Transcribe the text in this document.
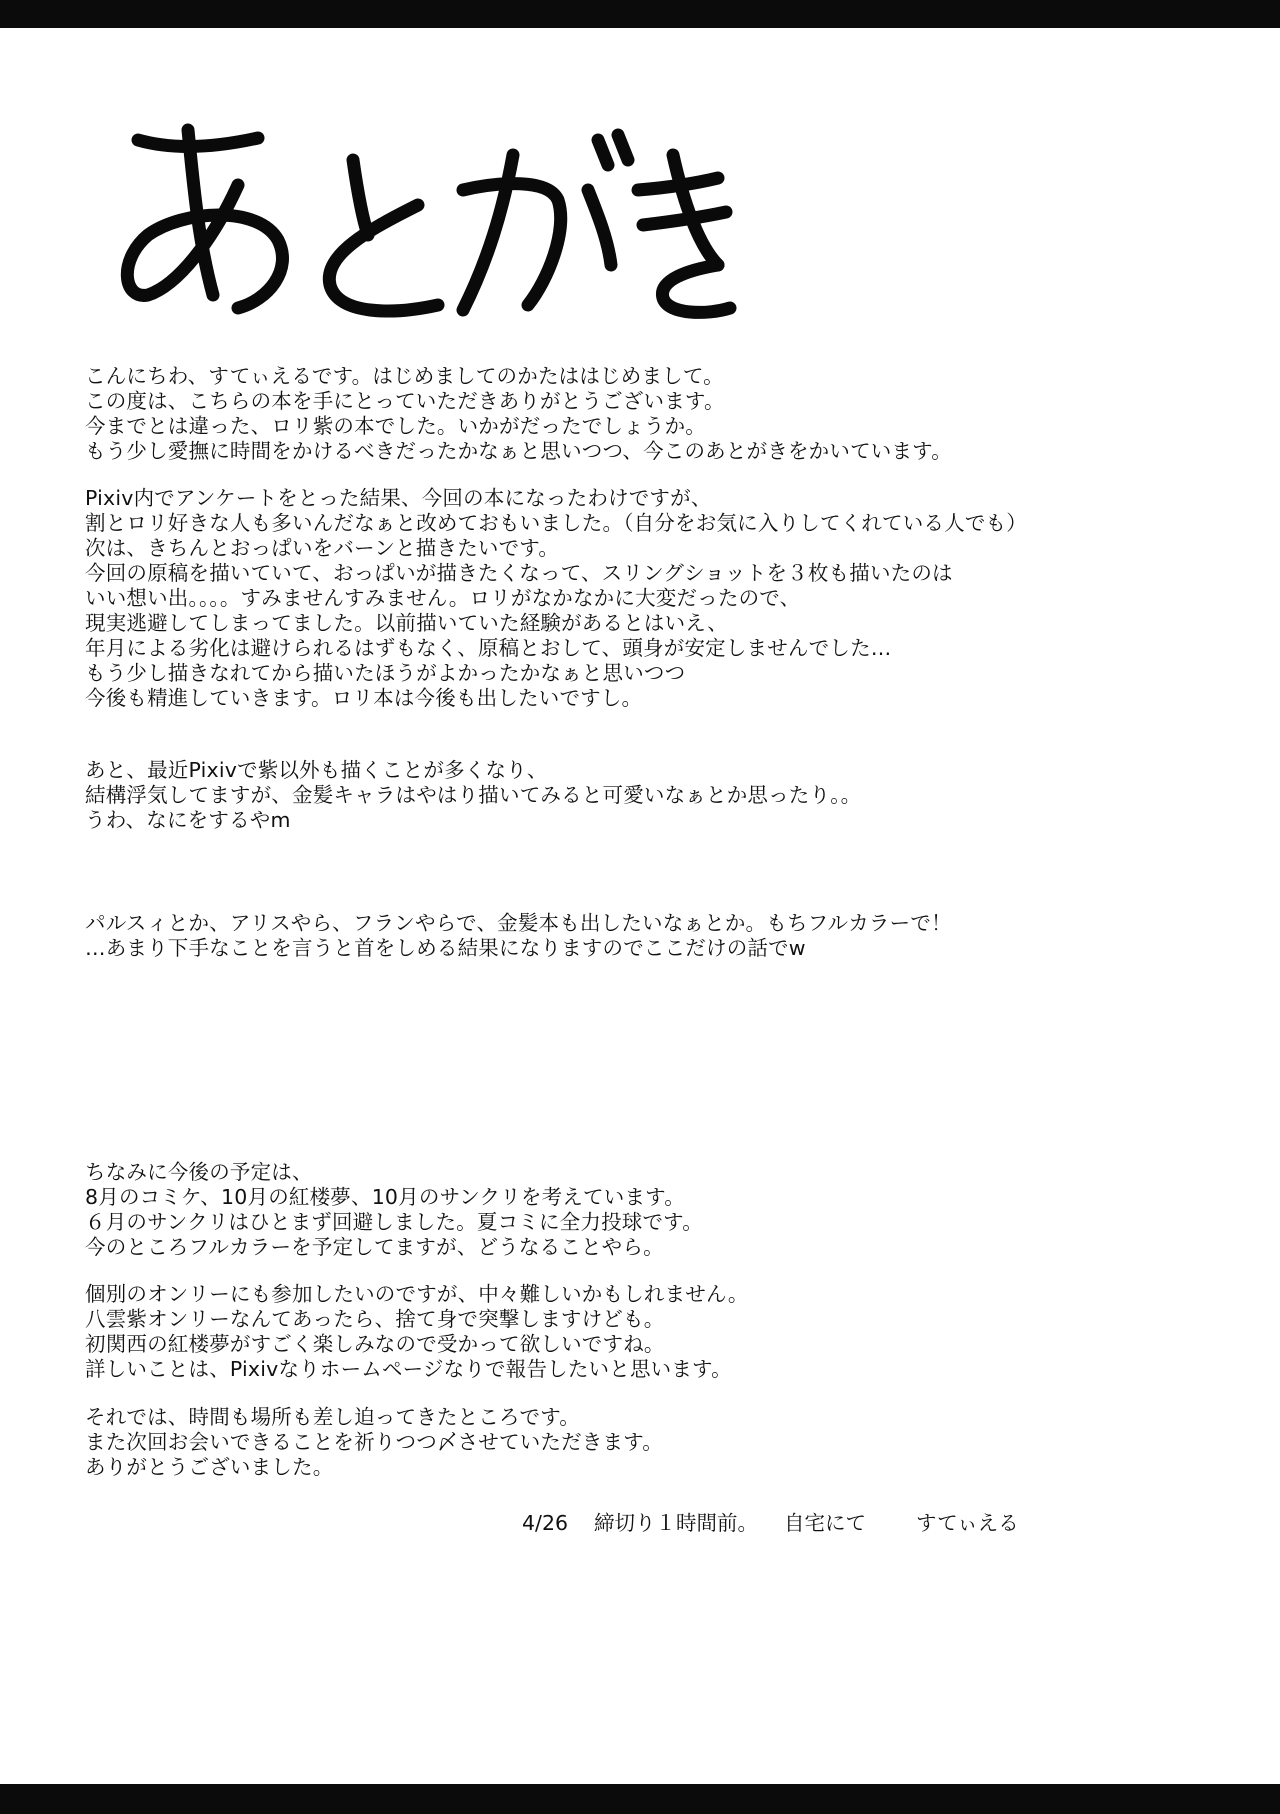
こんにちわ、すてぃえるです。はじめましてのかたははじめまして。
この度は、こちらの本を手にとっていただきありがとうございます。
今までとは違った、ロリ紫の本でした。いかがだったでしょうか。
もう少し愛撫に時間をかけるべきだったかなぁと思いつつ、今このあとがきをかいています。
Pixiv内でアンケートをとった結果、今回の本になったわけですが、
割とロリ好きな人も多いんだなぁと改めておもいました。（自分をお気に入りしてくれている人でも）
次は、きちんとおっぱいをバーンと描きたいです。
今回の原稿を描いていて、おっぱいが描きたくなって、スリングショットを３枚も描いたのは
いい想い出。。。。すみませんすみません。ロリがなかなかに大変だったので、
現実逃避してしまってました。以前描いていた経験があるとはいえ、
年月による劣化は避けられるはずもなく、原稿とおして、頭身が安定しませんでした…
もう少し描きなれてから描いたほうがよかったかなぁと思いつつ
今後も精進していきます。ロリ本は今後も出したいですし。
あと、最近Pixivで紫以外も描くことが多くなり、
結構浮気してますが、金髪キャラはやはり描いてみると可愛いなぁとか思ったり。。
うわ、なにをするやm
パルスィとか、アリスやら、フランやらで、金髪本も出したいなぁとか。もちフルカラーで！
…あまり下手なことを言うと首をしめる結果になりますのでここだけの話でw
ちなみに今後の予定は、
8月のコミケ、10月の紅楼夢、10月のサンクリを考えています。
６月のサンクリはひとまず回避しました。夏コミに全力投球です。
今のところフルカラーを予定してますが、どうなることやら。
個別のオンリーにも参加したいのですが、中々難しいかもしれません。
八雲紫オンリーなんてあったら、捨て身で突撃しますけども。
初関西の紅楼夢がすごく楽しみなので受かって欲しいですね。
詳しいことは、Pixivなりホームページなりで報告したいと思います。
それでは、時間も場所も差し迫ってきたところです。
また次回お会いできることを祈りつつ〆させていただきます。
ありがとうございました。
4/26 締切り１時間前。 自宅にて すてぃえる
